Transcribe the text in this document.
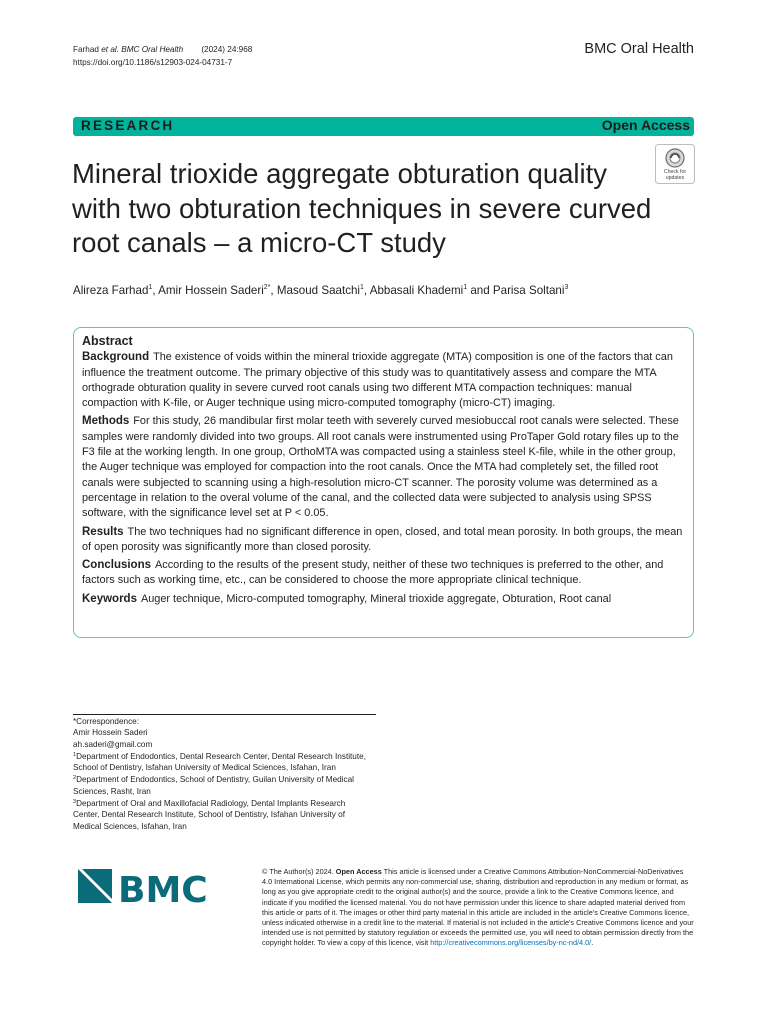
Farhad et al. BMC Oral Health (2024) 24:968
https://doi.org/10.1186/s12903-024-04731-7
BMC Oral Health
RESEARCH	Open Access
Mineral trioxide aggregate obturation quality with two obturation techniques in severe curved root canals – a micro-CT study
Check for
updates
Alireza Farhad$^1$, Amir Hossein Saderi$^{2*}$, Masoud Saatchi$^1$, Abbasali Khademi$^1$ and Parisa Soltani$^3$
Abstract

Background The existence of voids within the mineral trioxide aggregate (MTA) composition is one of the factors that can influence the treatment outcome. The primary objective of this study was to quantitatively assess and compare the MTA orthograde obturation quality in severe curved root canals using two different MTA compaction techniques: manual compaction with K-file, or Auger technique using micro-computed tomography (micro-CT) imaging.

Methods For this study, 26 mandibular first molar teeth with severely curved mesiobuccal root canals were selected. These samples were randomly divided into two groups. All root canals were instrumented using ProTaper Gold rotary files up to the F3 file at the working length. In one group, OrthoMTA was compacted using a stainless steel K-file, while in the other group, the Auger technique was employed for compaction into the root canals. Once the MTA had completely set, the filled root canals were subjected to scanning using a high-resolution micro-CT scanner. The porosity volume was determined as a percentage in relation to the overal volume of the canal, and the collected data were subjected to analysis using SPSS software, with the significance level set at P < 0.05.

Results The two techniques had no significant difference in open, closed, and total mean porosity. In both groups, the mean of open porosity was significantly more than closed porosity.

Conclusions According to the results of the present study, neither of these two techniques is preferred to the other, and factors such as working time, etc., can be considered to choose the more appropriate clinical technique.

Keywords Auger technique, Micro-computed tomography, Mineral trioxide aggregate, Obturation, Root canal

*Correspondence:
Amir Hossein Saderi
ah.saderi@gmail.com
$^1$Department of Endodontics, Dental Research Center, Dental Research Institute, School of Dentistry, Isfahan University of Medical Sciences, Isfahan, Iran
$^2$Department of Endodontics, School of Dentistry, Guilan University of Medical Sciences, Rasht, Iran
$^3$Department of Oral and Maxillofacial Radiology, Dental Implants Research Center, Dental Research Institute, School of Dentistry, Isfahan University of Medical Sciences, Isfahan, Iran
BMC	© The Author(s) 2024. Open Access This article is licensed under a Creative Commons Attribution-NonCommercial-NoDerivatives 4.0 International License, which permits any non-commercial use, sharing, distribution and reproduction in any medium or format, as long as you give appropriate credit to the original author(s) and the source, provide a link to the Creative Commons licence, and indicate if you modified the licensed material. You do not have permission under this licence to share adapted material derived from this article or parts of it. The images or other third party material in this article are included in the article's Creative Commons licence, unless indicated otherwise in a credit line to the material. If material is not included in the article's Creative Commons licence and your intended use is not permitted by statutory regulation or exceeds the permitted use, you will need to obtain permission directly from the copyright holder. To view a copy of this licence, visit http://creativecommons.org/licenses/by-nc-nd/4.0/.
